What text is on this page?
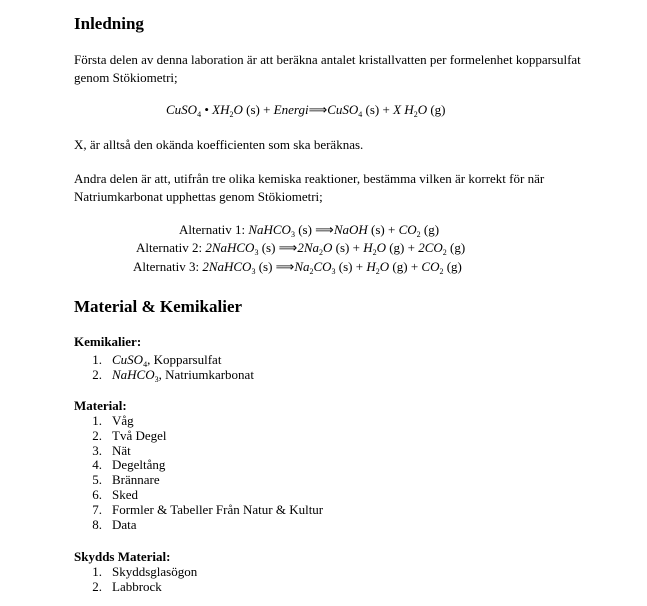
Inledning

Första delen av denna laboration är att beräkna antalet kristallvatten per formelenhet kopparsulfat genom Stökiometri;

CuSO$_4$ • $XH_2O$ (s) + Energi⟹CuSO$_4$ (s) + X $H_2O$ (g)

X, är alltså den okända koefficienten som ska beräknas.

Andra delen är att, utifrån tre olika kemiska reaktioner, bestämma vilken är korrekt för när Natriumkarbonat upphettas genom Stökiometri;

Alternativ 1: NaHCO$_3$ (s) ⟹NaOH $(s) + CO_2$ (g)
Alternativ 2: 2NaHCO$_3$ (s) $⟹2Na_2O$ $(s) + H_2O$ $(g) + 2CO_2$ (g)
Alternativ 3: 2NaHCO$_3$ (s) $⟹Na_2CO_3$ $(s) + H_2O$ $(g) + CO_2$ (g)
Material & Kemikalier
Kemikalier:
1. CuSO$_4$, Kopparsulfat
2. NaHCO$_3$, Natriumkarbonat
Material:
1. Våg
2. Två Degel
3. Nät
4. Degeltång
5. Brännare
6. Sked
7. Formler & Tabeller Från Natur & Kultur
8. Data
Skydds Material:
1. Skyddsglasögon
2. Labbrock
